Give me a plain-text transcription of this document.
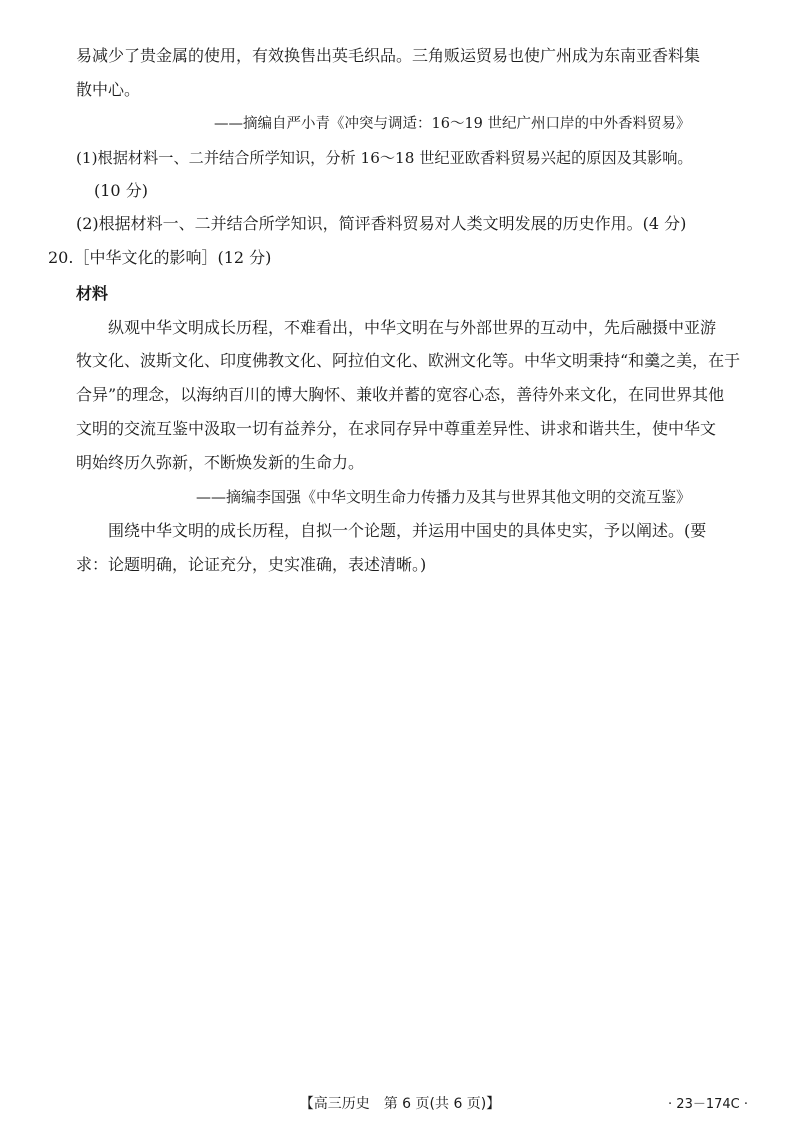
易减少了贵金属的使用，有效换售出英毛织品。三角贩运贸易也使广州成为东南亚香料集
散中心。
——摘编自严小青《冲突与调适：16～19 世纪广州口岸的中外香料贸易》
(1)根据材料一、二并结合所学知识，分析 16～18 世纪亚欧香料贸易兴起的原因及其影响。
(10 分)
(2)根据材料一、二并结合所学知识，简评香料贸易对人类文明发展的历史作用。(4 分)
20.［中华文化的影响］(12 分)
材料
纵观中华文明成长历程，不难看出，中华文明在与外部世界的互动中，先后融摄中亚游
牧文化、波斯文化、印度佛教文化、阿拉伯文化、欧洲文化等。中华文明秉持“和羹之美，在于
合异”的理念，以海纳百川的博大胸怀、兼收并蓄的宽容心态，善待外来文化，在同世界其他
文明的交流互鉴中汲取一切有益养分，在求同存异中尊重差异性、讲求和谐共生，使中华文
明始终历久弥新，不断焕发新的生命力。
——摘编李国强《中华文明生命力传播力及其与世界其他文明的交流互鉴》
围绕中华文明的成长历程，自拟一个论题，并运用中国史的具体史实，予以阐述。(要
求：论题明确，论证充分，史实准确，表述清晰。)
【高三历史　第 6 页(共 6 页)】	· 23－174C ·
